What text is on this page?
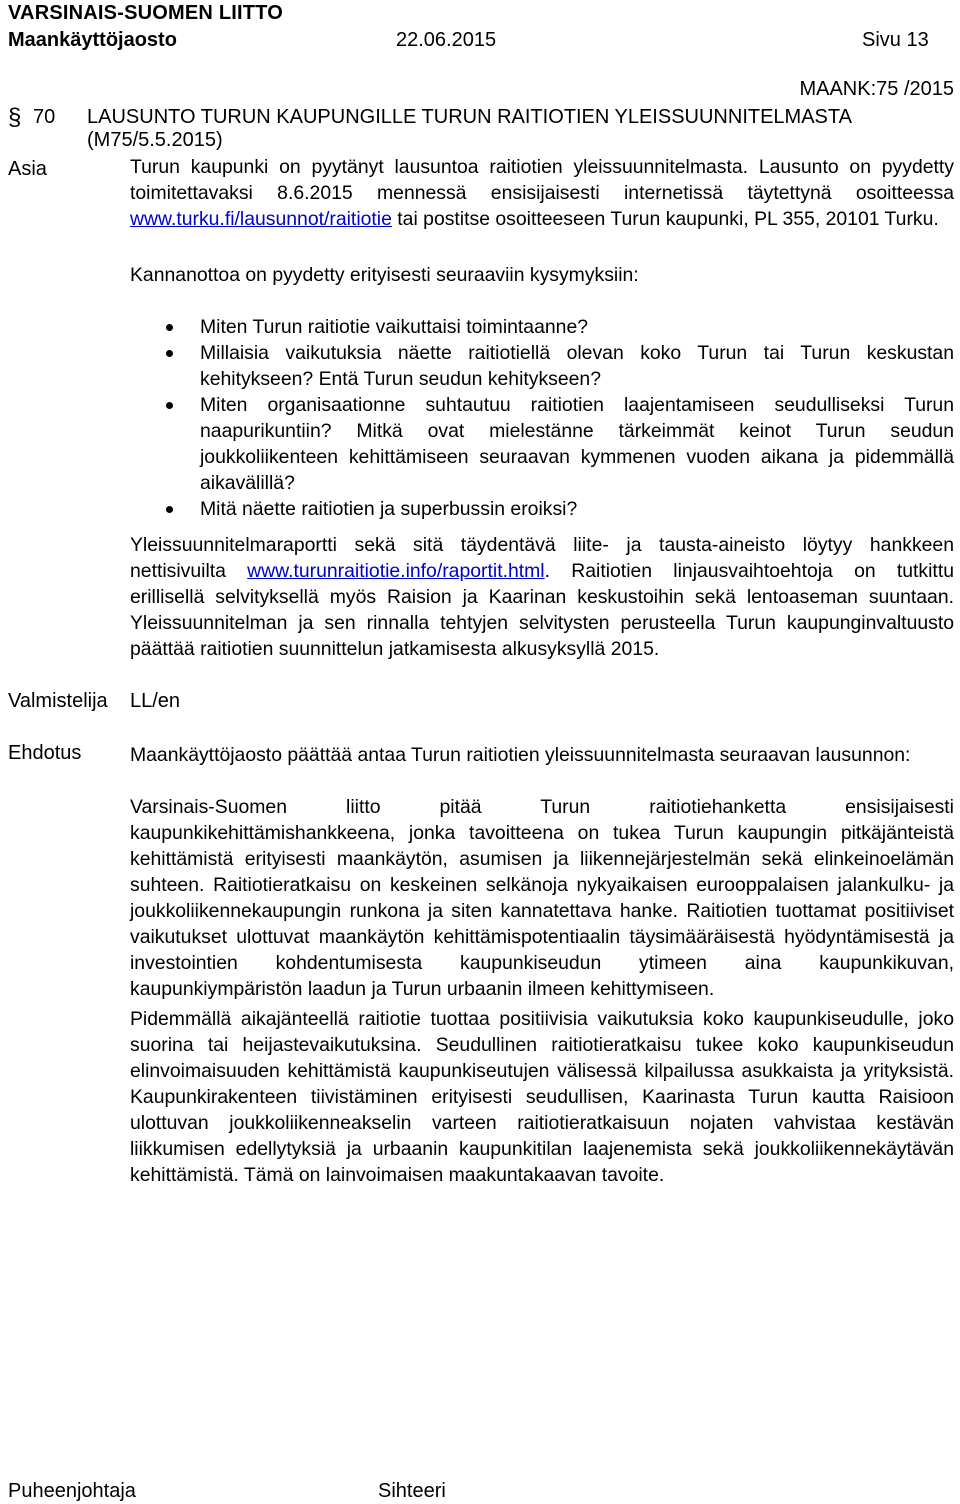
VARSINAIS-SUOMEN LIITTO
Maankäyttöjaosto	22.06.2015	Sivu 13
MAANK:75 /2015
§ 70 LAUSUNTO TURUN KAUPUNGILLE TURUN RAITIOTIEN YLEISSUUNNITELMASTA (M75/5.5.2015)
Asia	Turun kaupunki on pyytänyt lausuntoa raitiotien yleissuunnitelmasta. Lausunto on pyydetty toimitettavaksi 8.6.2015 mennessä ensisijaisesti internetissä täytettynä osoitteessa www.turku.fi/lausunnot/raitiotie tai postitse osoitteeseen Turun kaupunki, PL 355, 20101 Turku.

Kannanottoa on pyydetty erityisesti seuraaviin kysymyksiin:

Miten Turun raitiotie vaikuttaisi toimintaanne?
Millaisia vaikutuksia näette raitiotiellä olevan koko Turun tai Turun keskustan kehitykseen? Entä Turun seudun kehitykseen?
Miten organisaationne suhtautuu raitiotien laajentamiseen seudulliseksi Turun naapurikuntiin? Mitkä ovat mielestänne tärkeimmät keinot Turun seudun joukkoliikenteen kehittämiseen seuraavan kymmenen vuoden aikana ja pidemmällä aikavälillä?
Mitä näette raitiotien ja superbussin eroiksi?

Yleissuunnitelmaraportti sekä sitä täydentävä liite- ja tausta-aineisto löytyy hankkeen nettisivuilta www.turunraitiotie.info/raportit.html. Raitiotien linjausvaihtoehtoja on tutkittu erillisellä selvityksellä myös Raision ja Kaarinan keskustoihin sekä lentoaseman suuntaan. Yleissuunnitelman ja sen rinnalla tehtyjen selvitysten perusteella Turun kaupunginvaltuusto päättää raitiotien suunnittelun jatkamisesta alkusyksyllä 2015.

Valmistelija LL/en
Ehdotus	Maankäyttöjaosto päättää antaa Turun raitiotien yleissuunnitelmasta seuraavan lausunnon:

Varsinais-Suomen liitto pitää Turun raitiotiehanketta ensisijaisesti kaupunkikehittämishankkeena, jonka tavoitteena on tukea Turun kaupungin pitkäjänteistä kehittämistä erityisesti maankäytön, asumisen ja liikennejärjestelmän sekä elinkeinoelämän suhteen. Raitiotieratkaisu on keskeinen selkänoja nykyaikaisen eurooppalaisen jalankulku- ja joukkoliikennekaupungin runkona ja siten kannatettava hanke. Raitiotien tuottamat positiiviset vaikutukset ulottuvat maankäytön kehittämispotentiaalin täysimääräisestä hyödyntämisestä ja investointien kohdentumisesta kaupunkiseudun ytimeen aina kaupunkikuvan, kaupunkiympäristön laadun ja Turun urbaanin ilmeen kehittymiseen.

Pidemmällä aikajänteellä raitiotie tuottaa positiivisia vaikutuksia koko kaupunkiseudulle, joko suorina tai heijastevaikutuksina. Seudullinen raitiotieratkaisu tukee koko kaupunkiseudun elinvoimaisuuden kehittämistä kaupunkiseutujen välisessä kilpailussa asukkaista ja yrityksistä. Kaupunkirakenteen tiivistäminen erityisesti seudullisen, Kaarinasta Turun kautta Raisioon ulottuvan joukkoliikenneakselin varteen raitiotieratkaisuun nojaten vahvistaa kestävän liikkumisen edellytyksiä ja urbaanin kaupunkitilan laajenemista sekä joukkoliikennekäytävän kehittämistä. Tämä on lainvoimaisen maakuntakaavan tavoite.

Puheenjohtaja	Sihteeri
